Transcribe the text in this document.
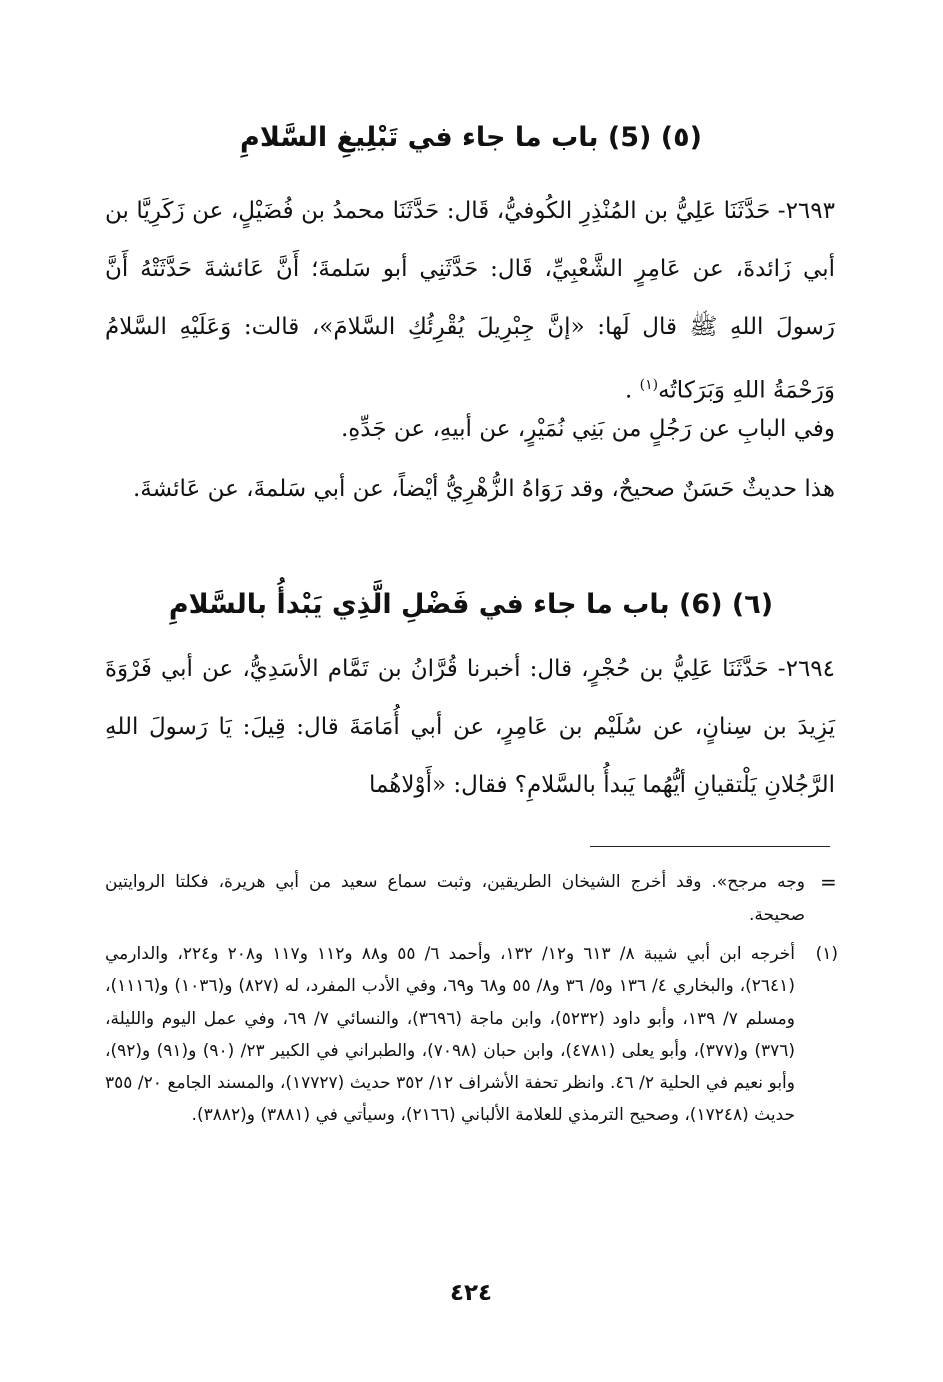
(٥) (5) باب ما جاء في تَبْلِيغِ السَّلامِ

٢٦٩٣- حَدَّثَنَا عَلِيُّ بن المُنْذِرِ الكُوفيُّ، قَال: حَدَّثَنَا محمدُ بن فُضَيْلٍ، عن زَكَرِيَّا بن أبي زَائدةَ، عن عَامِرٍ الشَّعْبِيِّ، قَال: حَدَّثَنِي أبو سَلمةَ؛ أَنَّ عَائشةَ حَدَّثَتْهُ أَنَّ رَسولَ اللهِ ﷺ قال لَها: «إنَّ جِبْرِيلَ يُقْرِئُكِ السَّلامَ»، قالت: وَعَلَيْهِ السَّلامُ وَرَحْمَةُ اللهِ وَبَرَكاتُه$^{(١)}$ .

وفي البابِ عن رَجُلٍ من بَنِي نُمَيْرٍ، عن أبيهِ، عن جَدِّهِ.

هذا حديثٌ حَسَنٌ صحيحٌ، وقد رَوَاهُ الزُّهْرِيُّ أيْضاً، عن أبي سَلمةَ، عن عَائشةَ.

(٦) (6) باب ما جاء في فَضْلِ الَّذِي يَبْدأُ بالسَّلامِ

٢٦٩٤- حَدَّثَنَا عَلِيُّ بن حُجْرٍ، قال: أخبرنا قُرَّانُ بن تَمَّام الأسَدِيُّ، عن أبي فَرْوَةَ يَزِيدَ بن سِنانٍ، عن سُلَيْم بن عَامِرٍ، عن أبي أُمَامَةَ قال: قِيلَ: يَا رَسولَ اللهِ الرَّجُلانِ يَلْتقيانِ أيُّهُما يَبدأُ بالسَّلامِ؟ فقال: «أَوْلاهُما

=
وجه مرجح». وقد أخرج الشيخان الطريقين، وثبت سماع سعيد من أبي هريرة، فكلتا الروايتين صحيحة.
(١)
أخرجه ابن أبي شيبة ٨/ ٦١٣ و١٢/ ١٣٢، وأحمد ٦/ ٥٥ و٨٨ و١١٢ و١١٧ و٢٠٨ و٢٢٤، والدارمي (٢٦٤١)، والبخاري ٤/ ١٣٦ و٥/ ٣٦ و٨/ ٥٥ و٦٨ و٦٩، وفي الأدب المفرد، له (٨٢٧) و(١٠٣٦) و(١١١٦)، ومسلم ٧/ ١٣٩، وأبو داود (٥٢٣٢)، وابن ماجة (٣٦٩٦)، والنسائي ٧/ ٦٩، وفي عمل اليوم والليلة، (٣٧٦) و(٣٧٧)، وأبو يعلى (٤٧٨١)، وابن حبان (٧٠٩٨)، والطبراني في الكبير ٢٣/ (٩٠) و(٩١) و(٩٢)، وأبو نعيم في الحلية ٢/ ٤٦. وانظر تحفة الأشراف ١٢/ ٣٥٢ حديث (١٧٧٢٧)، والمسند الجامع ٢٠/ ٣٥٥ حديث (١٧٢٤٨)، وصحيح الترمذي للعلامة الألباني (٢١٦٦)، وسيأتي في (٣٨٨١) و(٣٨٨٢).
٤٢٤
